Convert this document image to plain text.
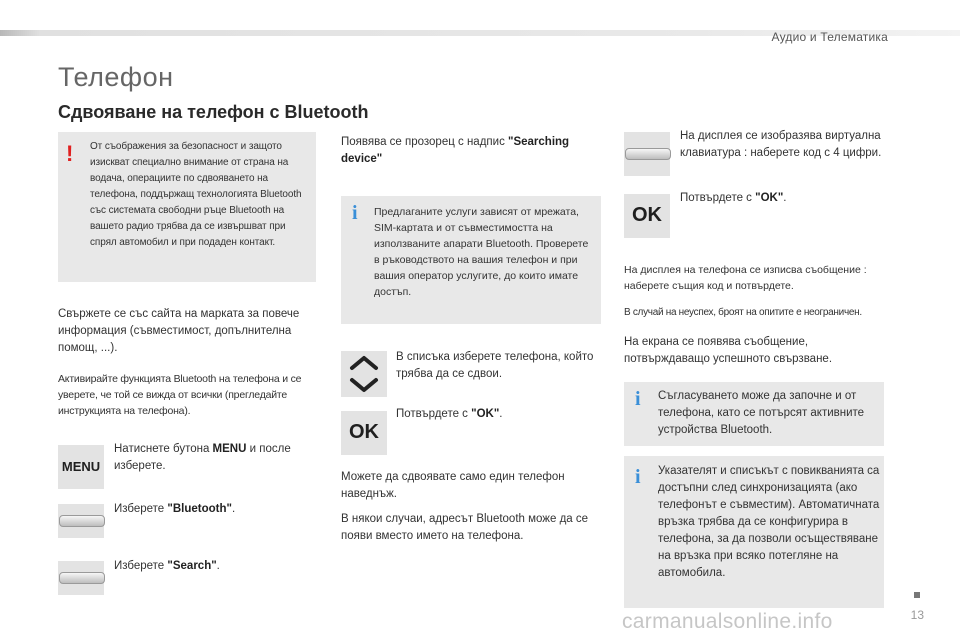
Аудио и Телематика
Телефон
Сдвояване на телефон с Bluetooth
! От съображения за безопасност и защото изискват специално внимание от страна на водача, операциите по сдвояването на телефона, поддържащ технологията Bluetooth със системата свободни ръце Bluetooth на вашето радио трябва да се извършват при спрял автомобил и при подаден контакт.
Свържете се със сайта на марката за повече информация (съвместимост, допълнителна помощ, ...).
Активирайте функцията Bluetooth на телефона и се уверете, че той се вижда от всички (прегледайте инструкцията на телефона).
MENU
Натиснете бутона MENU и после изберете.
Изберете "Bluetooth".
Изберете "Search".
Появява се прозорец с надпис "Searching device"
i Предлаганите услуги зависят от мрежата, SIM-картата и от съвместимостта на използваните апарати Bluetooth. Проверете в ръководството на вашия телефон и при вашия оператор услугите, до които имате достъп.
В списъка изберете телефона, който трябва да се сдвои.
OK
Потвърдете с "OK".
Можете да сдвоявате само един телефон наведнъж.
В някои случаи, адресът Bluetooth може да се появи вместо името на телефона.
На дисплея се изобразява виртуална клавиатура : наберете код с 4 цифри.
OK
Потвърдете с "OK".
На дисплея на телефона се изписва съобщение : наберете същия код и потвърдете.
В случай на неуспех, броят на опитите е неограничен.
На екрана се появява съобщение, потвърждаващо успешното свързване.
i Съгласуването може да започне и от телефона, като се потърсят активните устройства Bluetooth.
i Указателят и списъкът с повикванията са достъпни след синхронизацията (ако телефонът е съвместим). Автоматичната връзка трябва да се конфигурира в телефона, за да позволи осъществяване на връзка при всяко потегляне на автомобила.
13
carmanualsonline.info
